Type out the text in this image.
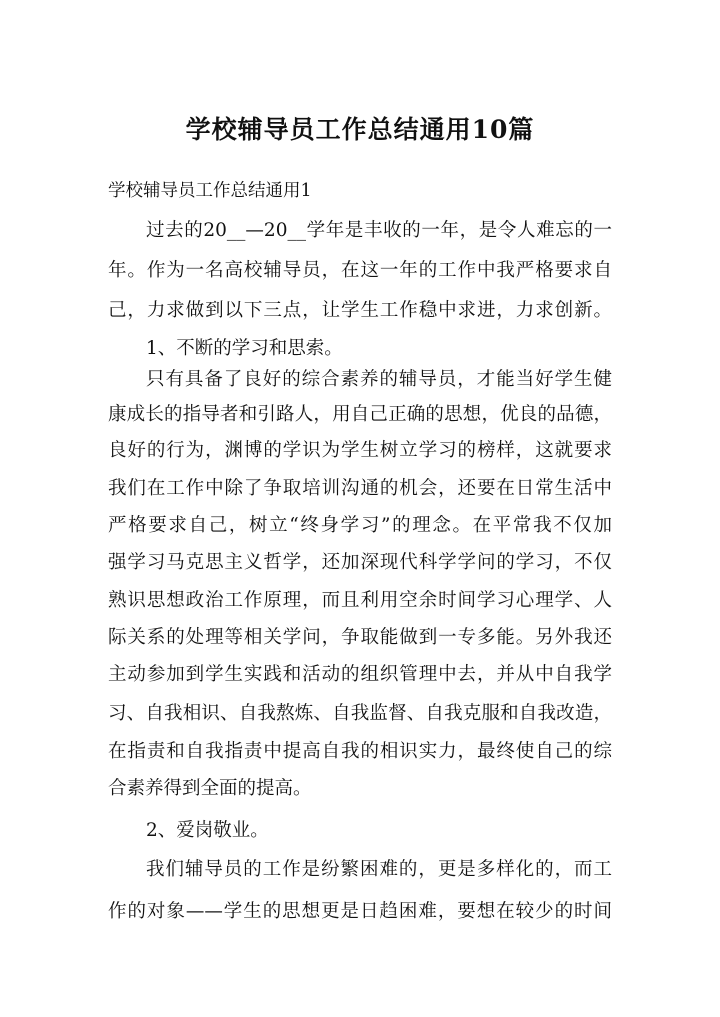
学校辅导员工作总结通用10篇
学校辅导员工作总结通用1
过去的20__—20__学年是丰收的一年，是令人难忘的一
年。作为一名高校辅导员，在这一年的工作中我严格要求自
己，力求做到以下三点，让学生工作稳中求进，力求创新。
1、不断的学习和思索。
只有具备了良好的综合素养的辅导员，才能当好学生健
康成长的指导者和引路人，用自己正确的思想，优良的品德，
良好的行为，渊博的学识为学生树立学习的榜样，这就要求
我们在工作中除了争取培训沟通的机会，还要在日常生活中
严格要求自己，树立“终身学习”的理念。在平常我不仅加
强学习马克思主义哲学，还加深现代科学学问的学习，不仅
熟识思想政治工作原理，而且利用空余时间学习心理学、人
际关系的处理等相关学问，争取能做到一专多能。另外我还
主动参加到学生实践和活动的组织管理中去，并从中自我学
习、自我相识、自我熬炼、自我监督、自我克服和自我改造，
在指责和自我指责中提高自我的相识实力，最终使自己的综
合素养得到全面的提高。
2、爱岗敬业。
我们辅导员的工作是纷繁困难的，更是多样化的，而工
作的对象——学生的思想更是日趋困难，要想在较少的时间
